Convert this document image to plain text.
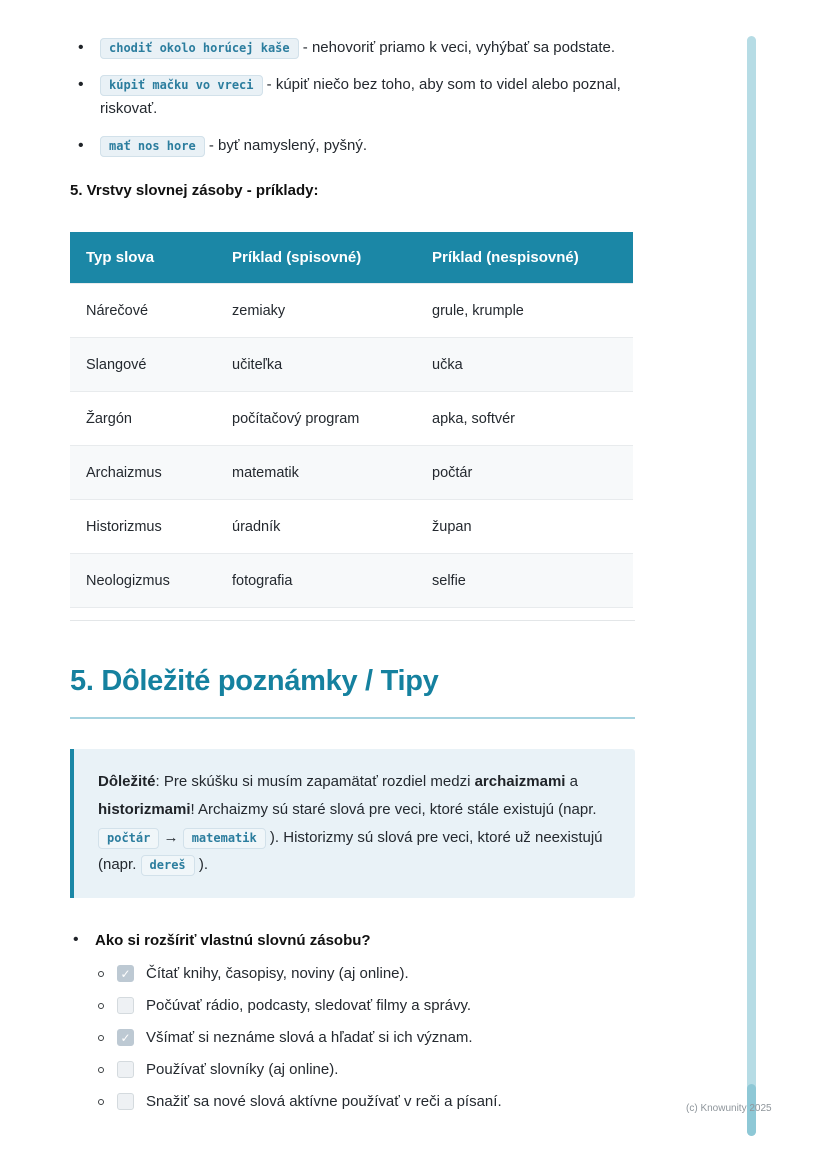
• chodiť okolo horúcej kaše - nehovoriť priamo k veci, vyhýbať sa podstate.
• kúpiť mačku vo vreci - kúpiť niečo bez toho, aby som to videl alebo poznal, riskovať.
• mať nos hore - byť namyslený, pyšný.
5. Vrstvy slovnej zásoby - príklady:
Typ slova	Príklad (spisovné)	Príklad (nespisovné)
Nárečové	zemiaky	grule, krumple
Slangové	učiteľka	učka
Žargón	počítačový program	apka, softvér
Archaizmus	matematik	počtár
Historizmus	úradník	župan
Neologizmus	fotografia	selfie
5. Dôležité poznámky / Tipy

Dôležité: Pre skúšku si musím zapamätať rozdiel medzi archaizmami a historizmami! Archaizmy sú staré slová pre veci, ktoré stále existujú (napr. počtár → matematik ). Historizmy sú slová pre veci, ktoré už neexistujú (napr. dereš ).

• Ako si rozšíriť vlastnú slovnú zásobu?
✓
Čítať knihy, časopisy, noviny (aj online).
Počúvať rádio, podcasty, sledovať filmy a správy.
✓
Všímať si neznáme slová a hľadať si ich význam.
Používať slovníky (aj online).
Snažiť sa nové slová aktívne používať v reči a písaní.	(c) Knowunity 2025
